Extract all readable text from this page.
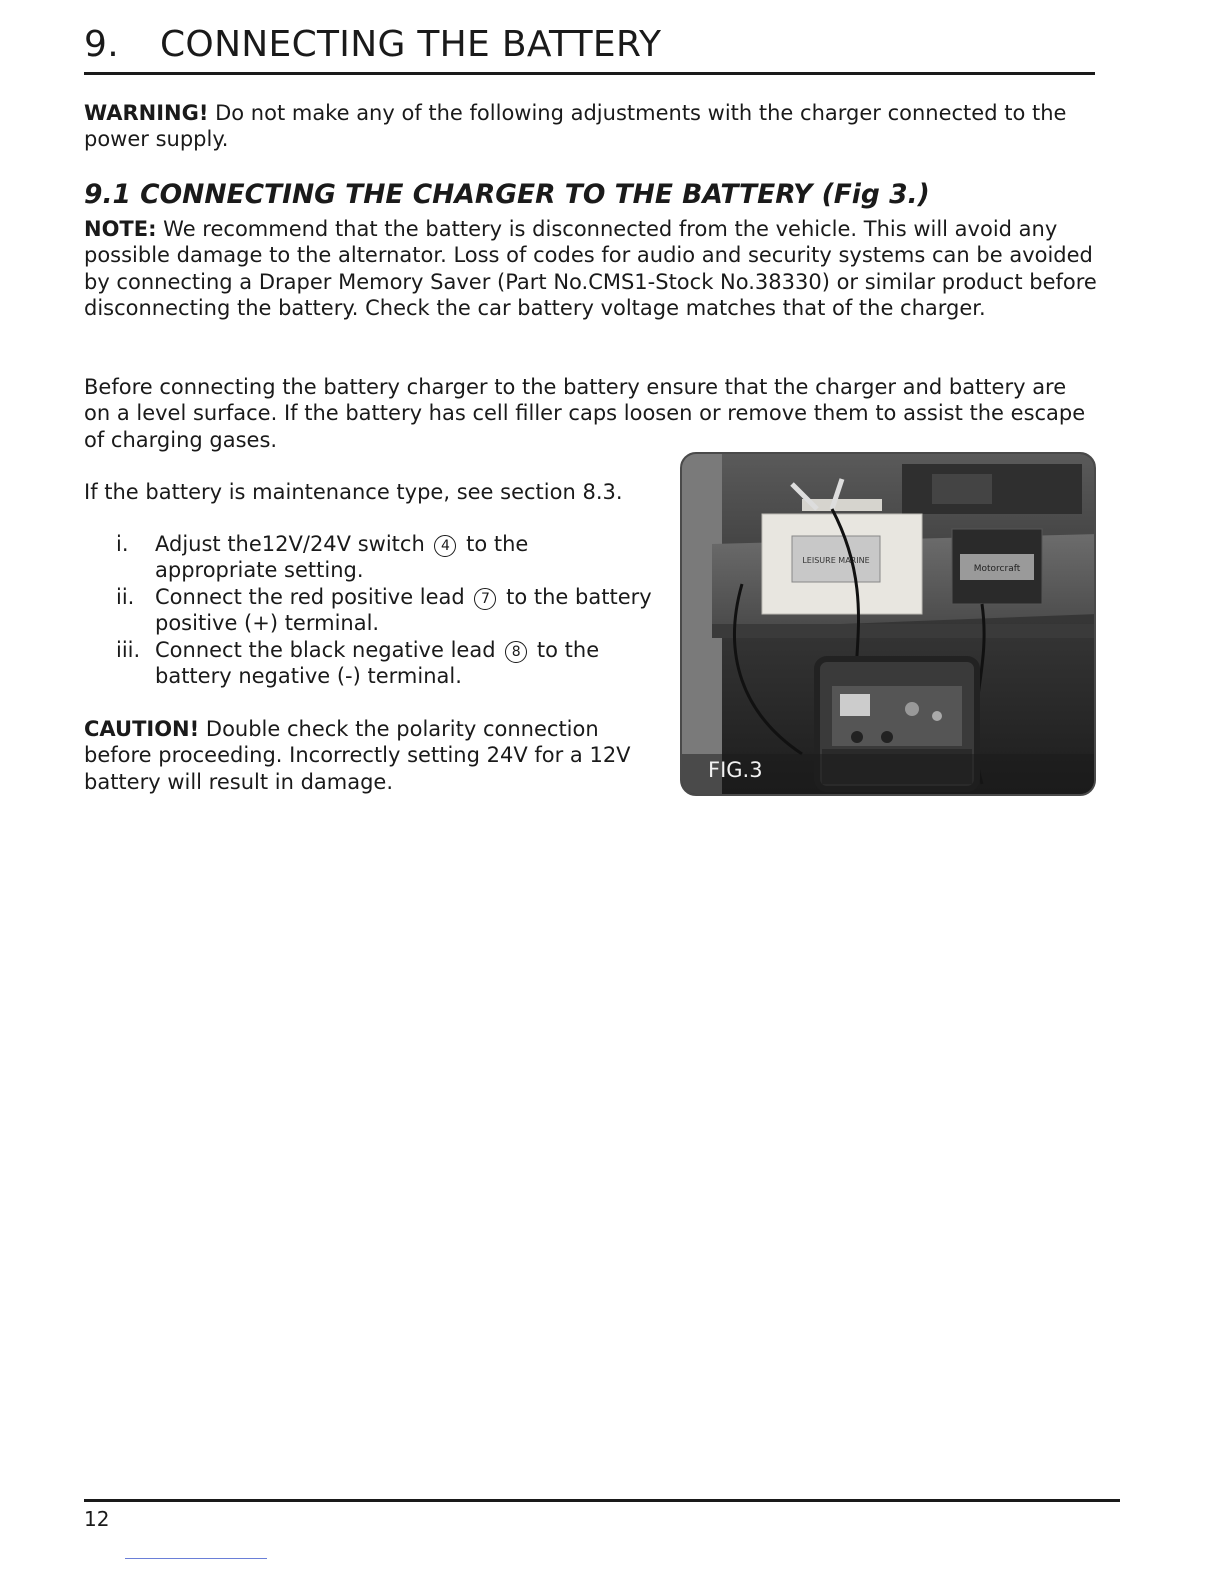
9. CONNECTING THE BATTERY

WARNING! Do not make any of the following adjustments with the charger connected to the power supply.

9.1 CONNECTING THE CHARGER TO THE BATTERY (Fig 3.)

NOTE: We recommend that the battery is disconnected from the vehicle. This will avoid any possible damage to the alternator. Loss of codes for audio and security systems can be avoided by connecting a Draper Memory Saver (Part No.CMS1-Stock No.38330) or similar product before disconnecting the battery. Check the car battery voltage matches that of the charger.

Before connecting the battery charger to the battery ensure that the charger and battery are on a level surface. If the battery has cell filler caps loosen or remove them to assist the escape of charging gases.

If the battery is maintenance type, see section 8.3.

i.	Adjust the12V/24V switch 4 to the appropriate setting.
ii. Connect the red positive lead 7 to the battery positive (+) terminal.
iii. Connect the black negative lead 8 to the battery negative (-) terminal.

CAUTION! Double check the polarity connection before proceeding. Incorrectly setting 24V for a 12V battery will result in damage.

LEISURE MARINE
Motorcraft
FIG.3
12
